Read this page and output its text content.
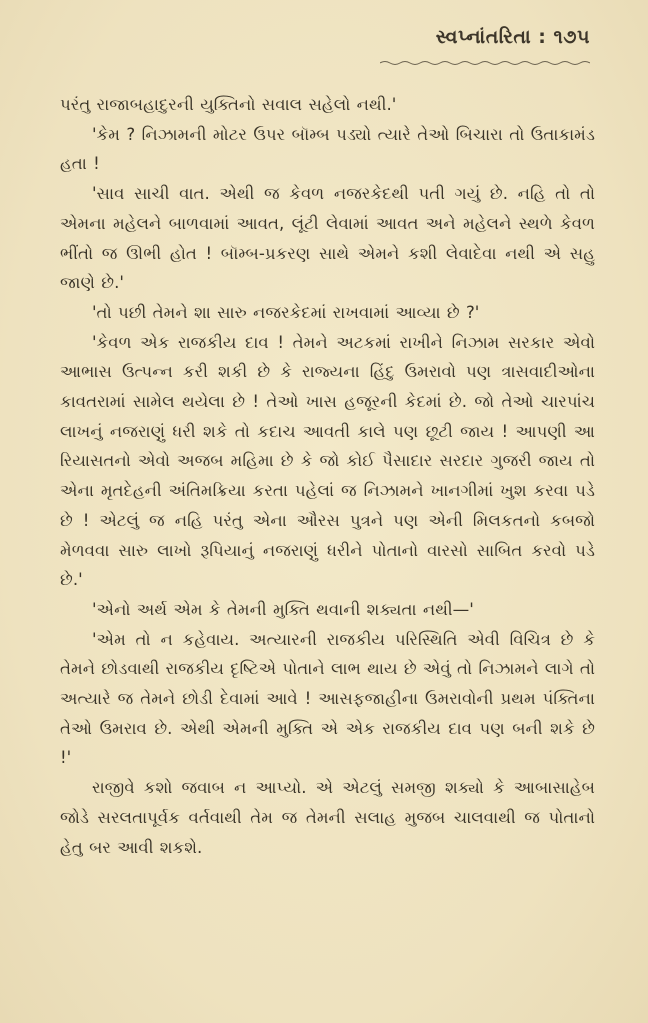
સ્વપ્નાંતરિતા : ૧૭૫

પરંતુ રાજાબહાદુરની યુક્તિનો સવાલ સહેલો નથી.'

'કેમ ? નિઝામની મોટર ઉપર બૉમ્બ પડ્યો ત્યારે તેઓ બિચારા તો ઉતાકામંડ હતા !

'સાવ સાચી વાત. એથી જ કેવળ નજરકેદથી પતી ગયું છે. નહિ તો તો એમના મહેલને બાળવામાં આવત, લૂંટી લેવામાં આવત અને મહેલને સ્થળે કેવળ ભીંતો જ ઊભી હોત ! બૉમ્બ-પ્રકરણ સાથે એમને કશી લેવાદેવા નથી એ સહુ જાણે છે.'

'તો પછી તેમને શા સારુ નજરકેદમાં રાખવામાં આવ્યા છે ?'

'કેવળ એક રાજકીય દાવ ! તેમને અટકમાં રાખીને નિઝામ સરકાર એવો આભાસ ઉત્પન્ન કરી શકી છે કે રાજ્યના હિંદુ ઉમરાવો પણ ત્રાસવાદીઓના કાવતરામાં સામેલ થયેલા છે ! તેઓ ખાસ હજૂરની કેદમાં છે. જો તેઓ ચારપાંચ લાખનું નજરાણું ધરી શકે તો કદાચ આવતી કાલે પણ છૂટી જાય ! આપણી આ રિયાસતનો એવો અજબ મહિમા છે કે જો કોઈ પૈસાદાર સરદાર ગુજરી જાય તો એના મૃતદેહની અંતિમક્રિયા કરતા પહેલાં જ નિઝામને ખાનગીમાં ખુશ કરવા પડે છે ! એટલું જ નહિ પરંતુ એના ઔરસ પુત્રને પણ એની મિલકતનો કબજો મેળવવા સારુ લાખો રૂપિયાનું નજરાણું ધરીને પોતાનો વારસો સાબિત કરવો પડે છે.'

'એનો અર્થ એમ કે તેમની મુક્તિ થવાની શક્યતા નથી—'

'એમ તો ન કહેવાય. અત્યારની રાજકીય પરિસ્થિતિ એવી વિચિત્ર છે કે તેમને છોડવાથી રાજકીય દૃષ્ટિએ પોતાને લાભ થાય છે એવું તો નિઝામને લાગે તો અત્યારે જ તેમને છોડી દેવામાં આવે ! આસફજાહીના ઉમરાવોની પ્રથમ પંક્તિના તેઓ ઉમરાવ છે. એથી એમની મુક્તિ એ એક રાજકીય દાવ પણ બની શકે છે !'

રાજીવે કશો જવાબ ન આપ્યો. એ એટલું સમજી શક્યો કે આબાસાહેબ જોડે સરલતાપૂર્વક વર્તવાથી તેમ જ તેમની સલાહ મુજબ ચાલવાથી જ પોતાનો હેતુ બર આવી શકશે.
